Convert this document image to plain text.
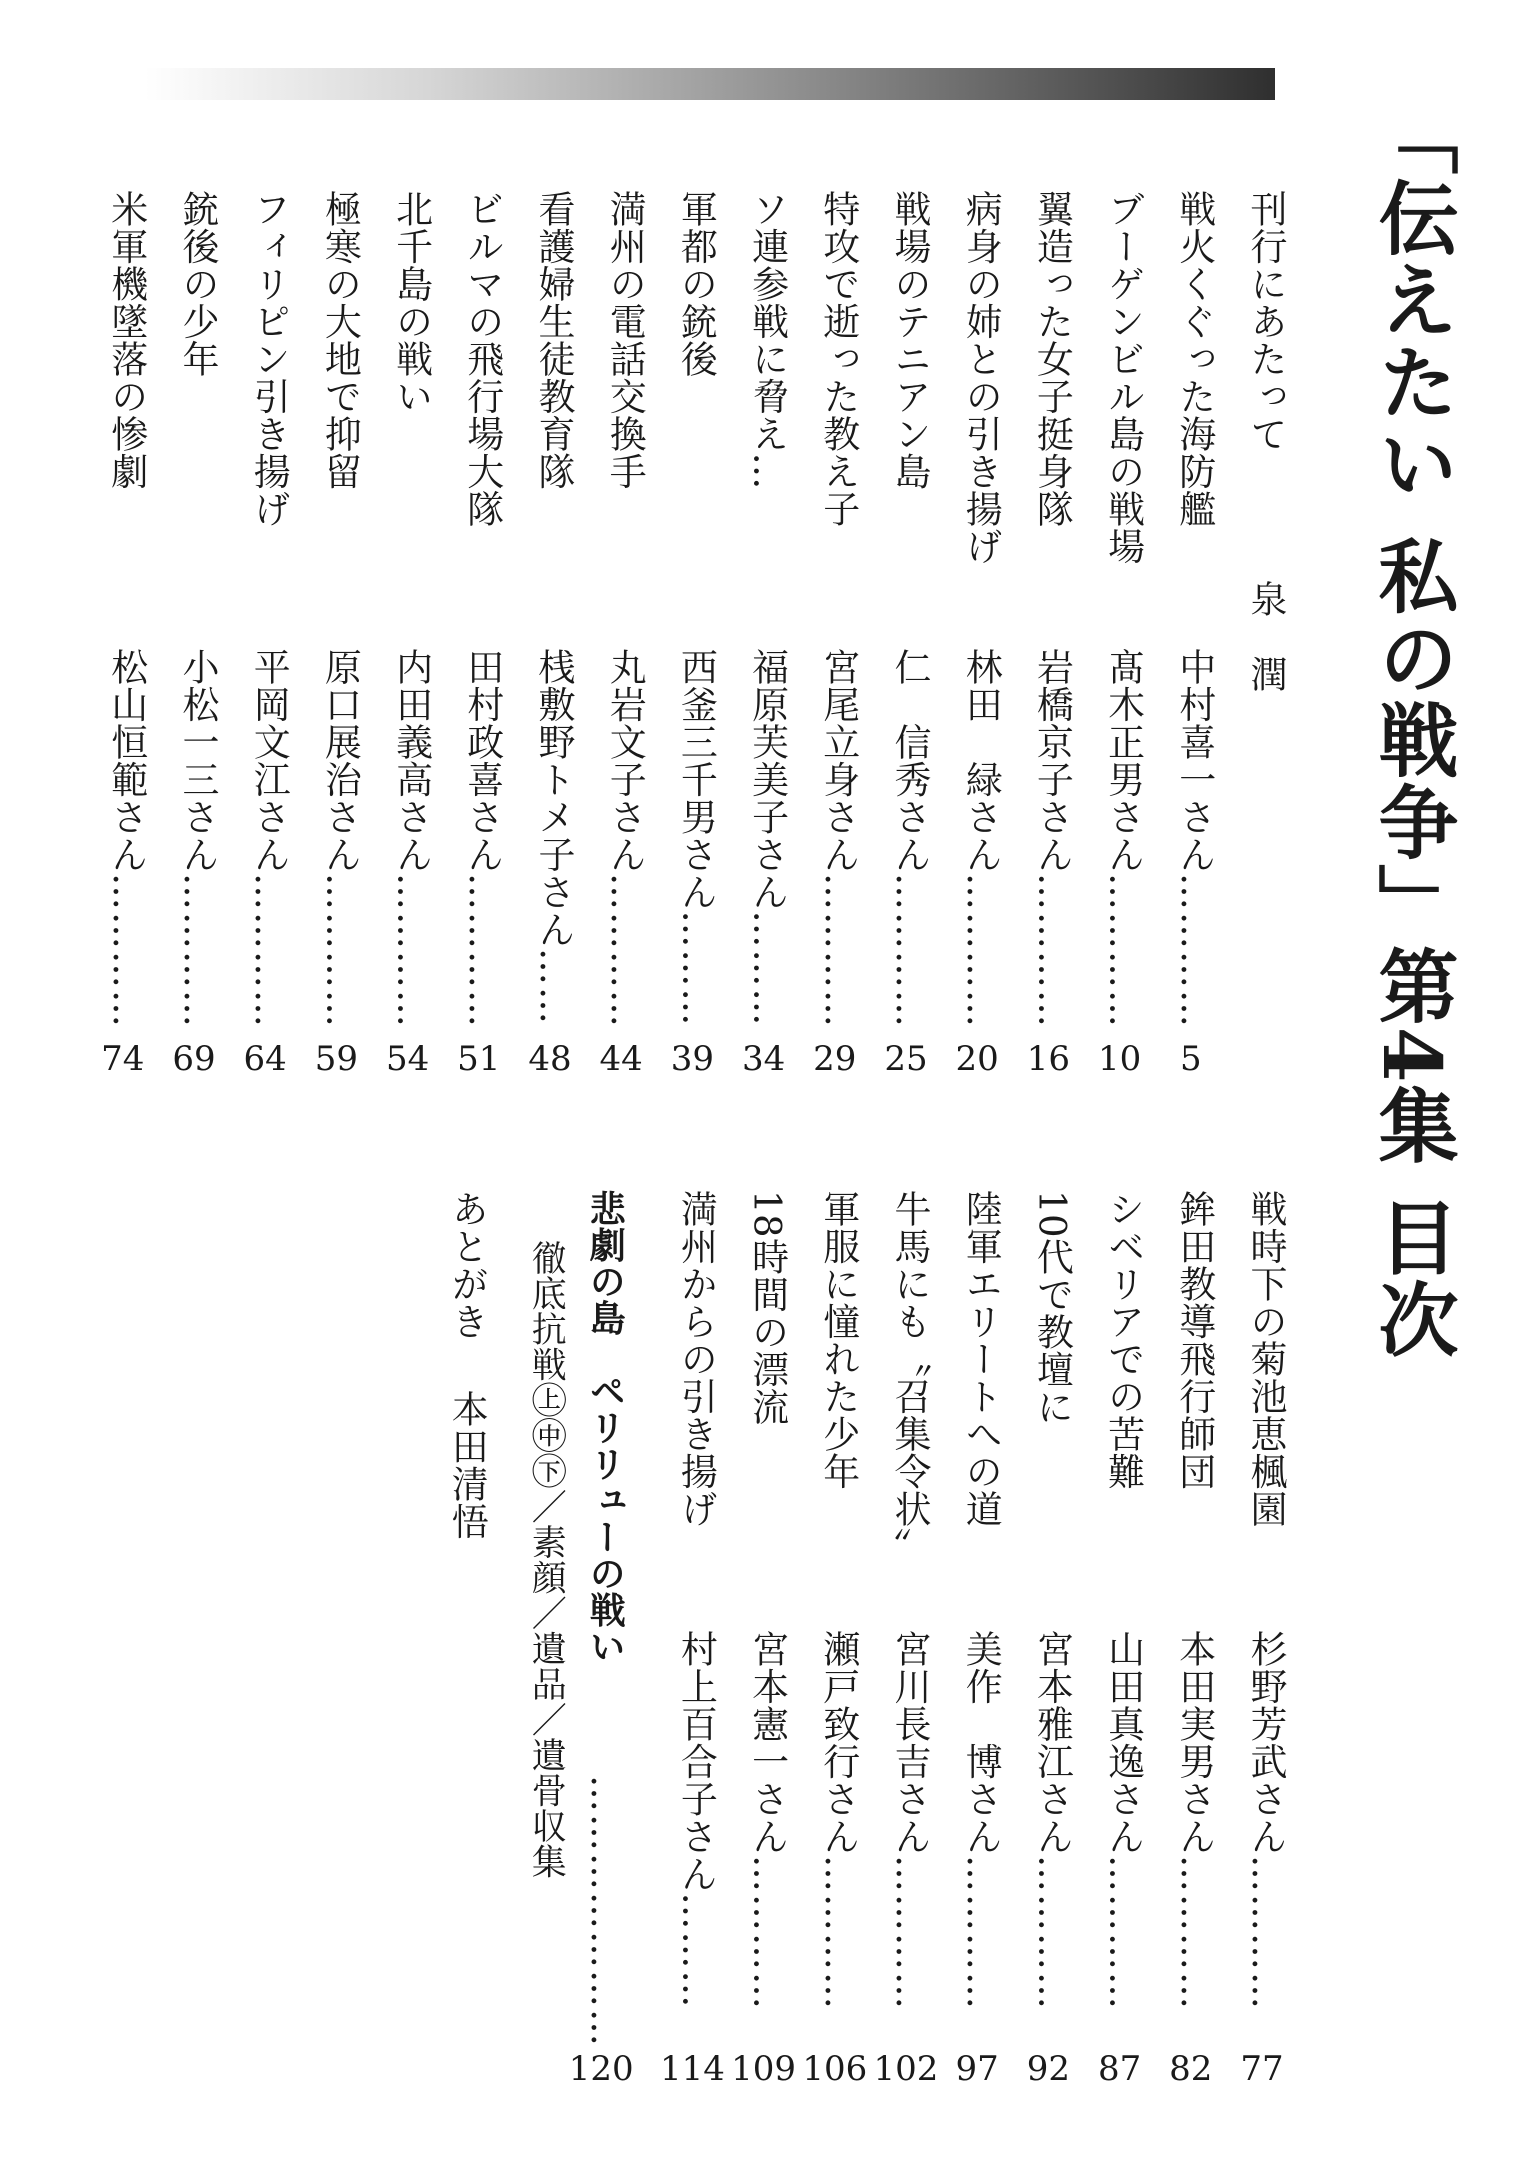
「伝えたい 私の戦争」第4集 目次
刊行にあたって
泉　潤
戦火くぐった海防艦
中村喜一さん…………
5
ブーゲンビル島の戦場
髙木正男さん…………
10
翼造った女子挺身隊
岩橋京子さん…………
16
病身の姉との引き揚げ
林田　緑さん…………
20
戦場のテニアン島
仁　信秀さん…………
25
特攻で逝った教え子
宮尾立身さん…………
29
ソ連参戦に脅え…
福原芙美子さん………
34
軍都の銃後
西釜三千男さん………
39
満州の電話交換手
丸岩文子さん…………
44
看護婦生徒教育隊
桟敷野トメ子さん……
48
ビルマの飛行場大隊
田村政喜さん…………
51
北千島の戦い
内田義高さん…………
54
極寒の大地で抑留
原口展治さん…………
59
フィリピン引き揚げ
平岡文江さん…………
64
銃後の少年
小松一三さん…………
69
米軍機墜落の惨劇
松山恒範さん…………
74
戦時下の菊池恵楓園
杉野芳武さん…………
77
鉾田教導飛行師団
本田実男さん…………
82
シベリアでの苦難
山田真逸さん…………
87
10代で教壇に
宮本雅江さん…………
92
陸軍エリートへの道
美作　博さん…………
97
牛馬にも〝召集令状〟
宮川長吉さん…………
102
軍服に憧れた少年
瀬戸致行さん…………
106
18時間の漂流
宮本憲一さん…………
109
満州からの引き揚げ
村上百合子さん………
114
悲劇の島　ペリリューの戦い
…………………
120
徹底抗戦㊤㊥㊦／素顔／遺品／遺骨収集
あとがき
本田清悟
